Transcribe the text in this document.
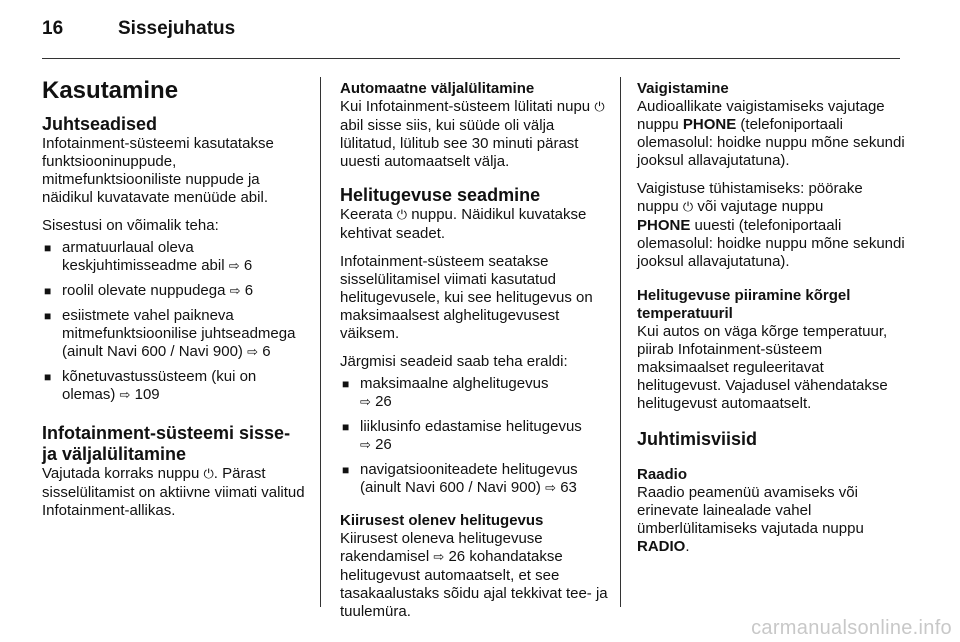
16	Sissejuhatus
Kasutamine
Juhtseadised

Infotainment-süsteemi kasutatakse funktsiooninuppude, mitmefunktsiooniliste nuppude ja näidikul kuvatavate menüüde abil.

Sisestusi on võimalik teha:

■ armatuurlaual oleva keskjuhtimisseadme abil ⇨ 6
■ roolil olevate nuppudega ⇨ 6
■ esiistmete vahel paikneva mitmefunktsioonilise juhtseadmega (ainult Navi 600 / Navi 900) ⇨ 6
■ kõnetuvastussüsteem (kui on olemas) ⇨ 109
Infotainment-süsteemi sisse- ja väljalülitamine

Vajutada korraks nuppu ⏻. Pärast sisselülitamist on aktiivne viimati valitud Infotainment-allikas.

Automaatne väljalülitamine

Kui Infotainment-süsteem lülitati nupu ⏻ abil sisse siis, kui süüde oli välja lülitatud, lülitub see 30 minuti pärast uuesti automaatselt välja.

Helitugevuse seadmine

Keerata ⏻ nuppu. Näidikul kuvatakse kehtivat seadet.

Infotainment-süsteem seatakse sisselülitamisel viimati kasutatud helitugevusele, kui see helitugevus on maksimaalsest alghelitugevusest väiksem.

Järgmisi seadeid saab teha eraldi:

■ maksimaalne alghelitugevus
⇨ 26
■ liiklusinfo edastamise helitugevus
⇨ 26
■ navigatsiooniteadete helitugevus (ainult Navi 600 / Navi 900) ⇨ 63
Kiirusest olenev helitugevus

Kiirusest oleneva helitugevuse rakendamisel ⇨ 26 kohandatakse helitugevust automaatselt, et see tasakaalustaks sõidu ajal tekkivat tee- ja tuulemüra.

Vaigistamine

Audioallikate vaigistamiseks vajutage nuppu PHONE (telefoniportaali olemasolul: hoidke nuppu mõne sekundi jooksul allavajutatuna).

Vaigistuse tühistamiseks: pöörake nuppu ⏻ või vajutage nuppu
PHONE uuesti (telefoniportaali olemasolul: hoidke nuppu mõne sekundi jooksul allavajutatuna).

Helitugevuse piiramine kõrgel temperatuuril

Kui autos on väga kõrge temperatuur, piirab Infotainment-süsteem maksimaalset reguleeritavat helitugevust. Vajadusel vähendatakse helitugevust automaatselt.

Juhtimisviisid
Raadio

Raadio peamenüü avamiseks või erinevate lainealade vahel ümberlülitamiseks vajutada nuppu
RADIO.

carmanualsonline.info
